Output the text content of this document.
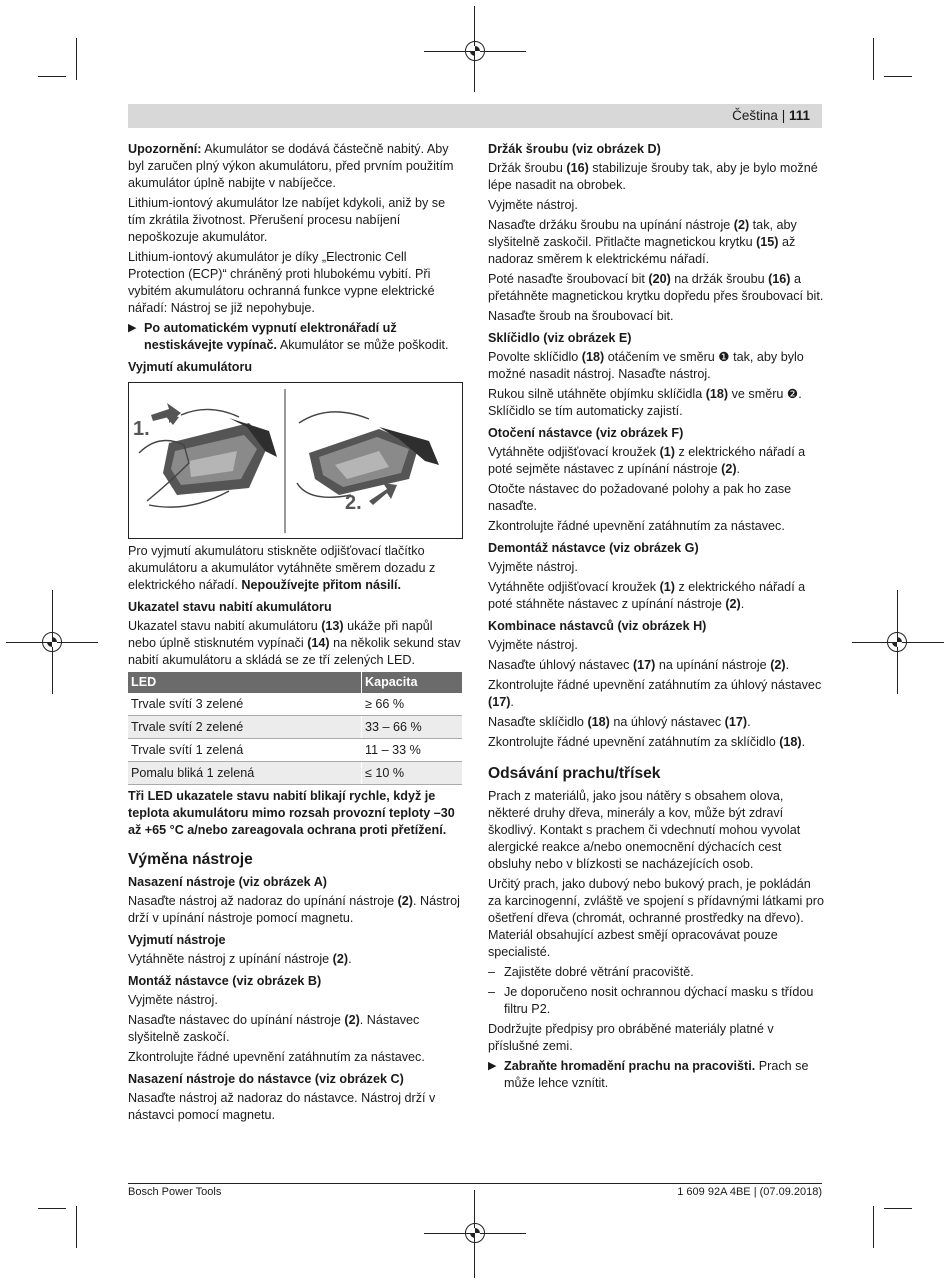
Čeština | 111

Upozornění: Akumulátor se dodává částečně nabitý. Aby byl zaručen plný výkon akumulátoru, před prvním použitím akumulátor úplně nabijte v nabíječce.

Lithium-iontový akumulátor lze nabíjet kdykoli, aniž by se tím zkrátila životnost. Přerušení procesu nabíjení nepoškozuje akumulátor.

Lithium-iontový akumulátor je díky „Electronic Cell Protection (ECP)“ chráněný proti hlubokému vybití. Při vybitém akumulátoru ochranná funkce vypne elektrické nářadí: Nástroj se již nepohybuje.

▶ Po automatickém vypnutí elektronářadí už nestiskávejte vypínač. Akumulátor se může poškodit.

Vyjmutí akumulátoru
1.
2.

Pro vyjmutí akumulátoru stiskněte odjišťovací tlačítko akumulátoru a akumulátor vytáhněte směrem dozadu z elektrického nářadí. Nepoužívejte přitom násilí.

Ukazatel stavu nabití akumulátoru

Ukazatel stavu nabití akumulátoru (13) ukáže při napůl nebo úplně stisknutém vypínači (14) na několik sekund stav nabití akumulátoru a skládá se ze tří zelených LED.

LED	Kapacita
Trvale svítí 3 zelené	≥ 66 %
Trvale svítí 2 zelené	33 – 66 %
Trvale svítí 1 zelená	11 – 33 %
Pomalu bliká 1 zelená	≤ 10 %

Tři LED ukazatele stavu nabití blikají rychle, když je teplota akumulátoru mimo rozsah provozní teploty –30 až +65 °C a/nebo zareagovala ochrana proti přetížení.

Výměna nástroje
Nasazení nástroje (viz obrázek A)

Nasaďte nástroj až nadoraz do upínání nástroje (2). Nástroj drží v upínání nástroje pomocí magnetu.

Vyjmutí nástroje

Vytáhněte nástroj z upínání nástroje (2).

Montáž nástavce (viz obrázek B)

Vyjměte nástroj.

Nasaďte nástavec do upínání nástroje (2). Nástavec slyšitelně zaskočí.

Zkontrolujte řádné upevnění zatáhnutím za nástavec.

Nasazení nástroje do nástavce (viz obrázek C)

Nasaďte nástroj až nadoraz do nástavce. Nástroj drží v nástavci pomocí magnetu.

Držák šroubu (viz obrázek D)

Držák šroubu (16) stabilizuje šrouby tak, aby je bylo možné lépe nasadit na obrobek.

Vyjměte nástroj.

Nasaďte držáku šroubu na upínání nástroje (2) tak, aby slyšitelně zaskočil. Přitlačte magnetickou krytku (15) až nadoraz směrem k elektrickému nářadí.

Poté nasaďte šroubovací bit (20) na držák šroubu (16) a přetáhněte magnetickou krytku dopředu přes šroubovací bit.

Nasaďte šroub na šroubovací bit.

Sklíčidlo (viz obrázek E)

Povolte sklíčidlo (18) otáčením ve směru ❶ tak, aby bylo možné nasadit nástroj. Nasaďte nástroj.

Rukou silně utáhněte objímku sklíčidla (18) ve směru ❷. Sklíčidlo se tím automaticky zajistí.

Otočení nástavce (viz obrázek F)

Vytáhněte odjišťovací kroužek (1) z elektrického nářadí a poté sejměte nástavec z upínání nástroje (2).

Otočte nástavec do požadované polohy a pak ho zase nasaďte.

Zkontrolujte řádné upevnění zatáhnutím za nástavec.

Demontáž nástavce (viz obrázek G)

Vyjměte nástroj.

Vytáhněte odjišťovací kroužek (1) z elektrického nářadí a poté stáhněte nástavec z upínání nástroje (2).

Kombinace nástavců (viz obrázek H)

Vyjměte nástroj.

Nasaďte úhlový nástavec (17) na upínání nástroje (2).

Zkontrolujte řádné upevnění zatáhnutím za úhlový nástavec (17).

Nasaďte sklíčidlo (18) na úhlový nástavec (17).

Zkontrolujte řádné upevnění zatáhnutím za sklíčidlo (18).

Odsávání prachu/třísek

Prach z materiálů, jako jsou nátěry s obsahem olova, některé druhy dřeva, minerály a kov, může být zdraví škodlivý. Kontakt s prachem či vdechnutí mohou vyvolat alergické reakce a/nebo onemocnění dýchacích cest obsluhy nebo v blízkosti se nacházejících osob.

Určitý prach, jako dubový nebo bukový prach, je pokládán za karcinogenní, zvláště ve spojení s přídavnými látkami pro ošetření dřeva (chromát, ochranné prostředky na dřevo). Materiál obsahující azbest smějí opracovávat pouze specialisté.

– Zajistěte dobré větrání pracoviště.

– Je doporučeno nosit ochrannou dýchací masku s třídou filtru P2.

Dodržujte předpisy pro obráběné materiály platné v příslušné zemi.

▶ Zabraňte hromadění prachu na pracovišti. Prach se může lehce vznítit.

Bosch Power Tools	1 609 92A 4BE | (07.09.2018)
